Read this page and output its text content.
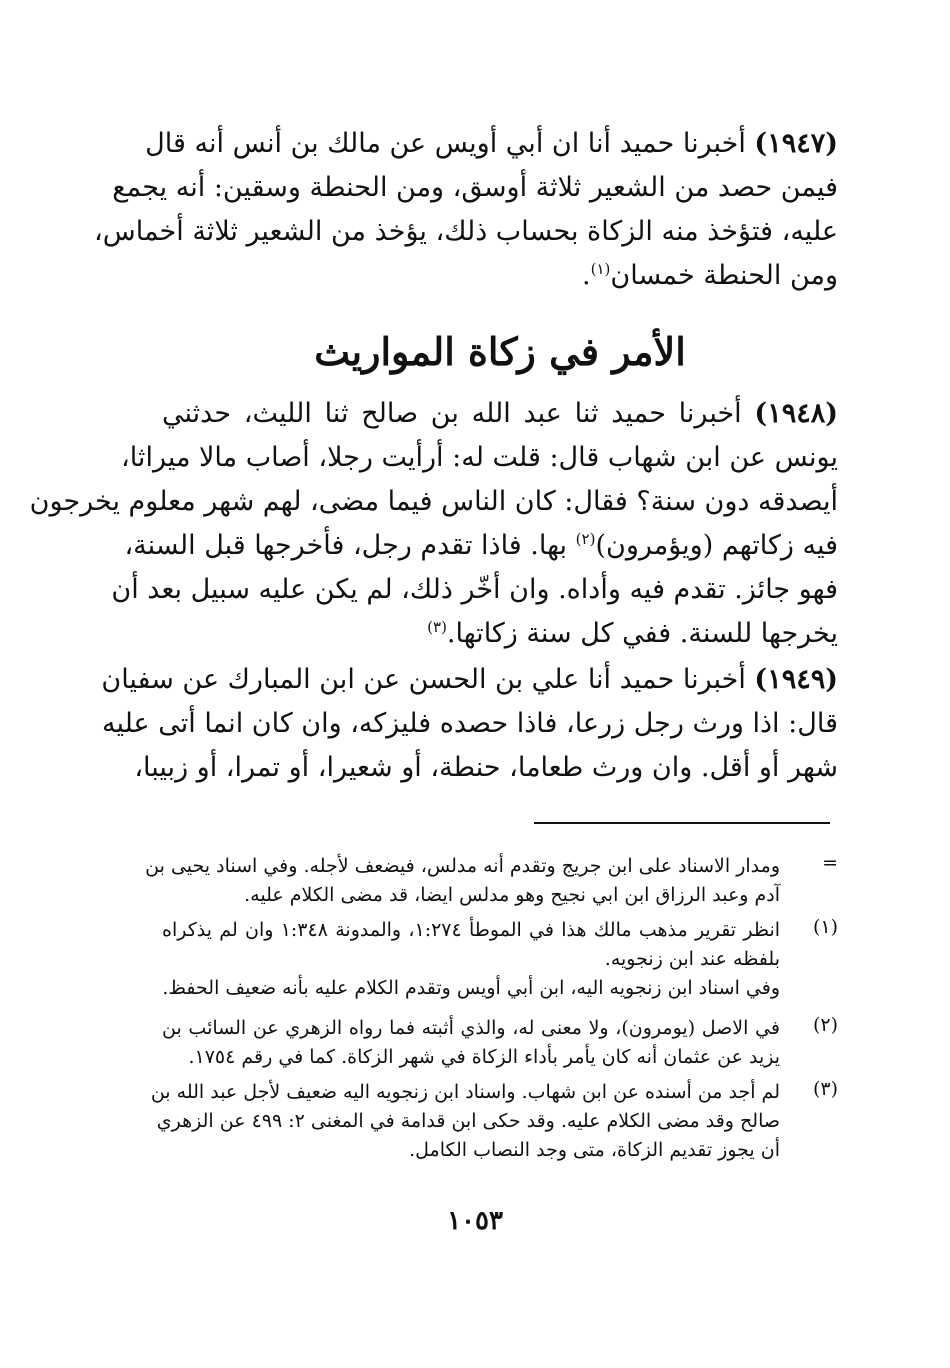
(١٩٤٧) أخبرنا حميد أنا ان أبي أويس عن مالك بن أنس أنه قال
فيمن حصد من الشعير ثلاثة أوسق، ومن الحنطة وسقين: أنه يجمع
عليه، فتؤخذ منه الزكاة بحساب ذلك، يؤخذ من الشعير ثلاثة أخماس،
ومن الحنطة خمسان$^{(١)}$.
الأمر في زكاة المواريث
(١٩٤٨) أخبرنا حميد ثنا عبد الله بن صالح ثنا الليث، حدثني
يونس عن ابن شهاب قال: قلت له: أرأيت رجلا، أصاب مالا ميراثا،
أيصدقه دون سنة؟ فقال: كان الناس فيما مضى، لهم شهر معلوم يخرجون
فيه زكاتهم (ويؤمرون)$^{(٢)}$ بها. فاذا تقدم رجل، فأخرجها قبل السنة،
فهو جائز. تقدم فيه وأداه. وان أخّر ذلك، لم يكن عليه سبيل بعد أن
يخرجها للسنة. ففي كل سنة زكاتها.$^{(٣)}$
(١٩٤٩) أخبرنا حميد أنا علي بن الحسن عن ابن المبارك عن سفيان
قال: اذا ورث رجل زرعا، فاذا حصده فليزكه، وان كان انما أتى عليه
شهر أو أقل. وان ورث طعاما، حنطة، أو شعيرا، أو تمرا، أو زبيبا،
=
ومدار الاسناد على ابن جريج وتقدم أنه مدلس، فيضعف لأجله. وفي اسناد يحيى بن
آدم وعبد الرزاق ابن ابي نجيح وهو مدلس ايضا، قد مضى الكلام عليه.
(١)
انظر تقرير مذهب مالك هذا في الموطأ ١:٢٧٤، والمدونة ١:٣٤٨ وان لم يذكراه
بلفظه عند ابن زنجويه.
وفي اسناد ابن زنجويه اليه، ابن أبي أويس وتقدم الكلام عليه بأنه ضعيف الحفظ.
(٢)
في الاصل (يومرون)، ولا معنى له، والذي أثبته فما رواه الزهري عن السائب بن
يزيد عن عثمان أنه كان يأمر بأداء الزكاة في شهر الزكاة. كما في رقم ١٧٥٤.
(٣)
لم أجد من أسنده عن ابن شهاب. واسناد ابن زنجويه اليه ضعيف لأجل عبد الله بن
صالح وقد مضى الكلام عليه. وقد حكى ابن قدامة في المغنى ٢: ٤٩٩ عن الزهري
أن يجوز تقديم الزكاة، متى وجد النصاب الكامل.
١٠٥٣
